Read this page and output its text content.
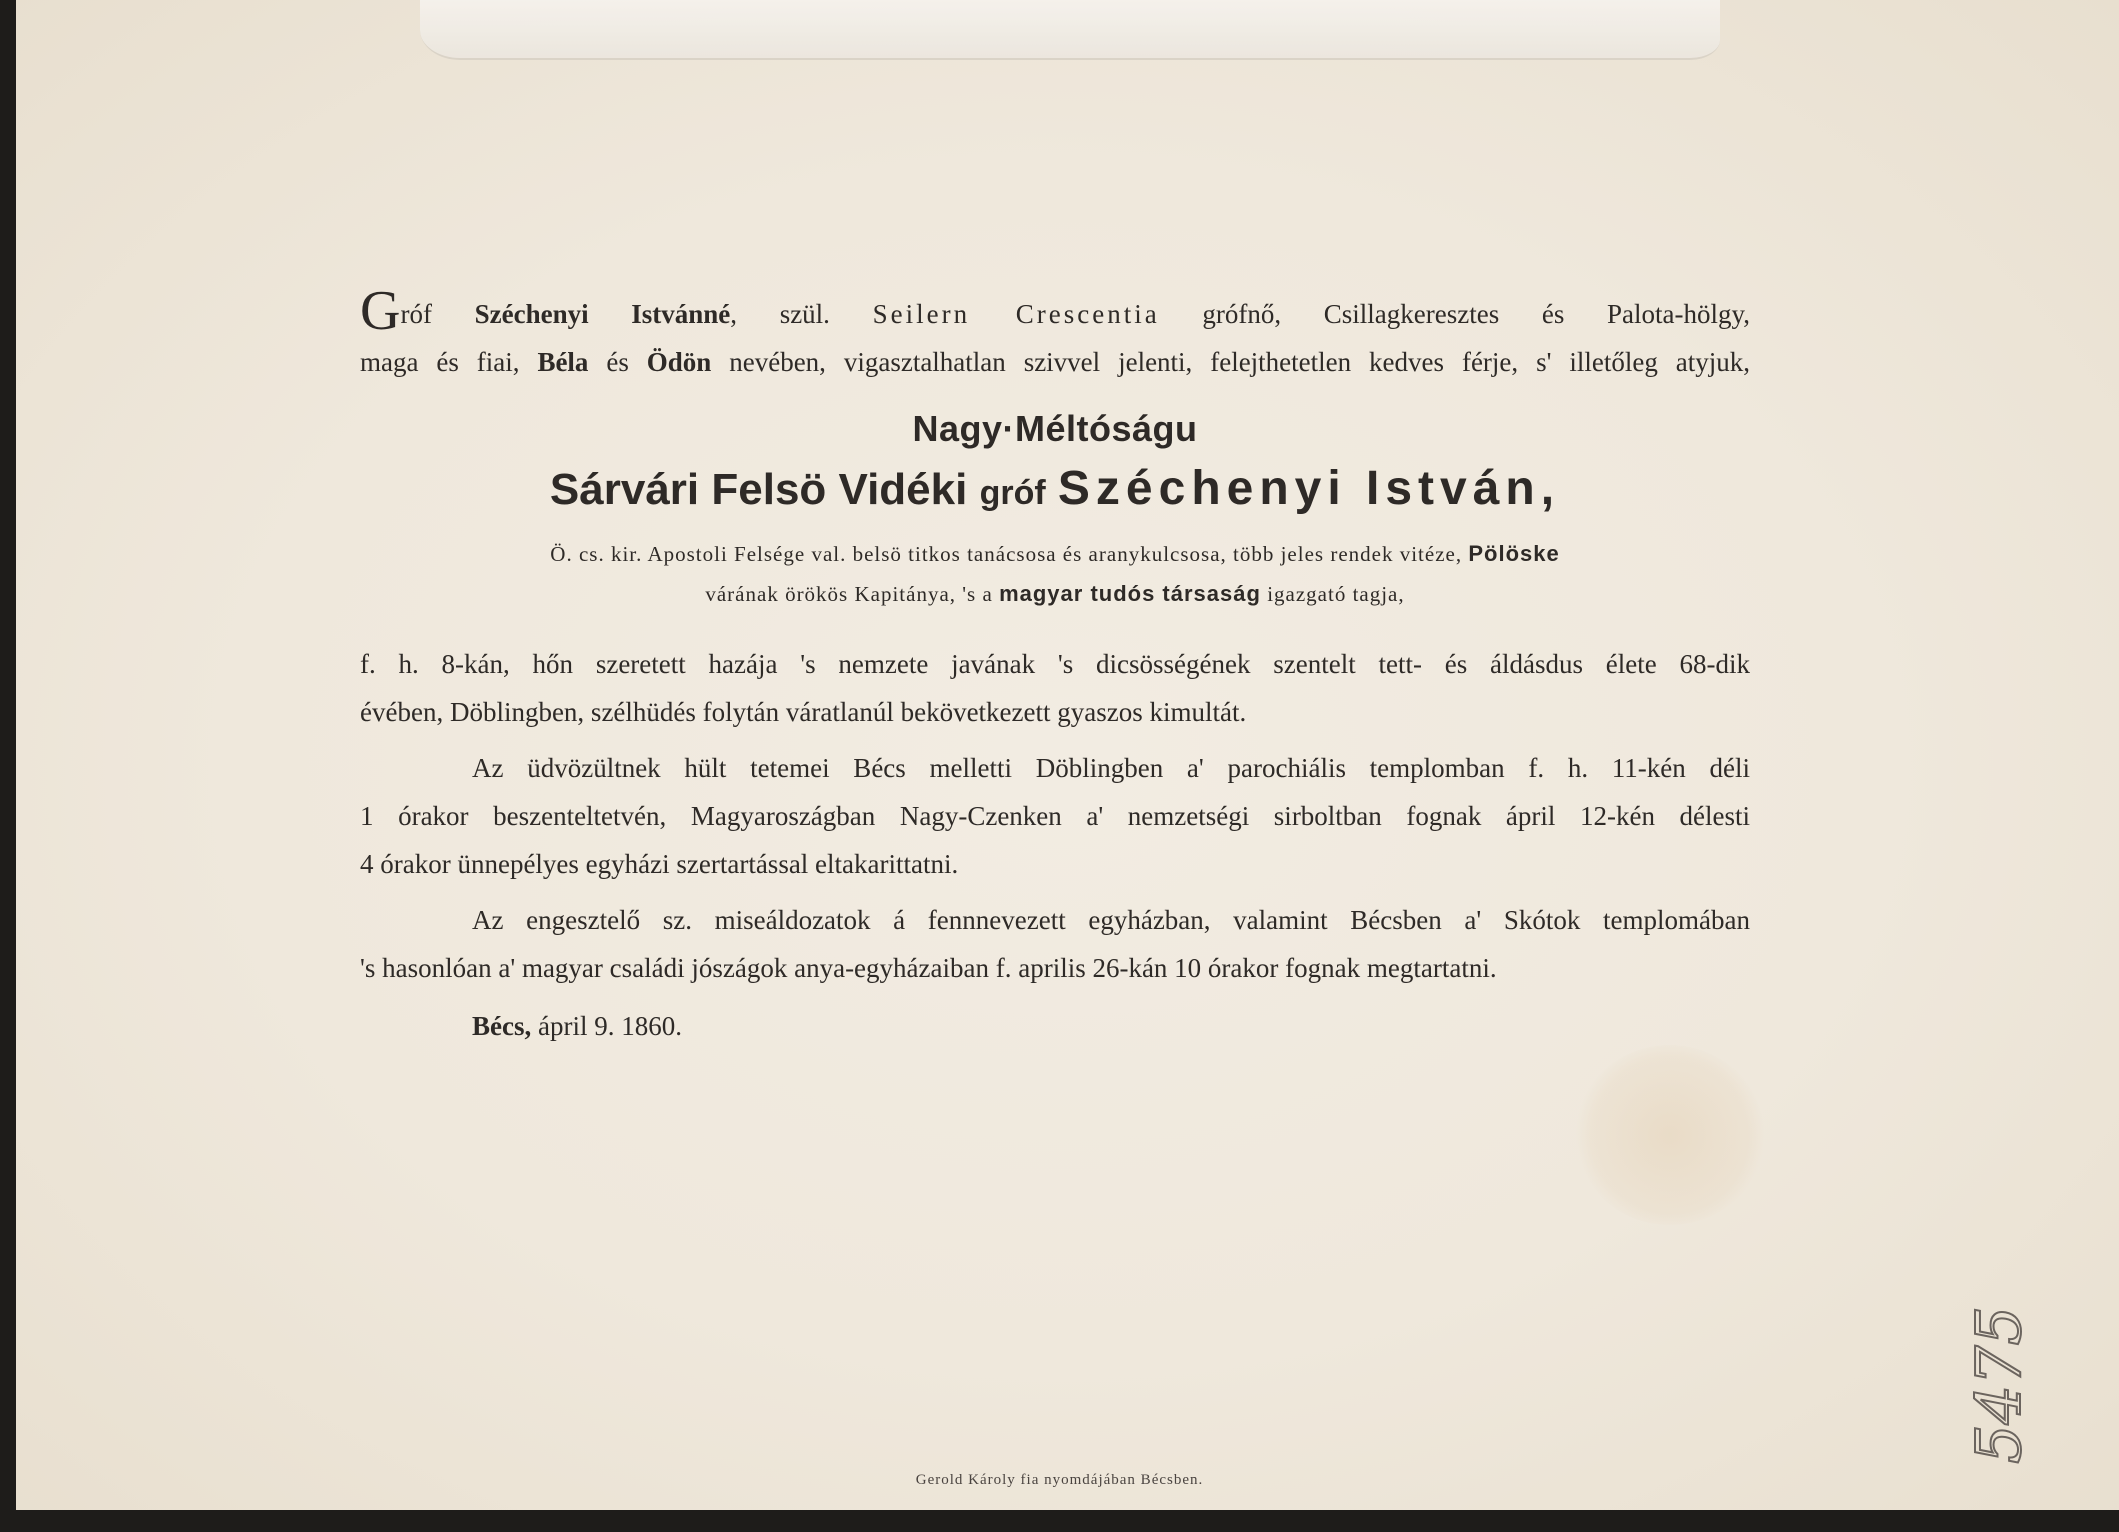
Gróf Széchenyi Istvánné, szül. Seilern Crescentia grófnő, Csillagkeresztes és Palota-hölgy,
maga és fiai, Béla és Ödön nevében, vigasztalhatlan szivvel jelenti, felejthetetlen kedves férje, s' illetőleg atyjuk,
Nagy·Méltóságu
Sárvári Felsö Vidéki gróf Széchenyi István,
Ö. cs. kir. Apostoli Felsége val. belsö titkos tanácsosa és aranykulcsosa, több jeles rendek vitéze, Pölöske
várának örökös Kapitánya, 's a magyar tudós társaság igazgató tagja,
f. h. 8-kán, hőn szeretett hazája 's nemzete javának 's dicsösségének szentelt tett- és áldásdus élete 68-dik
évében, Döblingben, szélhüdés folytán váratlanúl bekövetkezett gyaszos kimultát.
Az üdvözültnek hült tetemei Bécs melletti Döblingben a' parochiális templomban f. h. 11-kén déli
1 órakor beszenteltetvén, Magyaroszágban Nagy-Czenken a' nemzetségi sirboltban fognak ápril 12-kén délesti
4 órakor ünnepélyes egyházi szertartással eltakarittatni.
Az engesztelő sz. miseáldozatok á fennnevezett egyházban, valamint Bécsben a' Skótok templomában
's hasonlóan a' magyar családi jószágok anya-egyházaiban f. aprilis 26-kán 10 órakor fognak megtartatni.
Bécs, ápril 9. 1860.
Gerold Károly fia nyomdájában Bécsben.
5475
